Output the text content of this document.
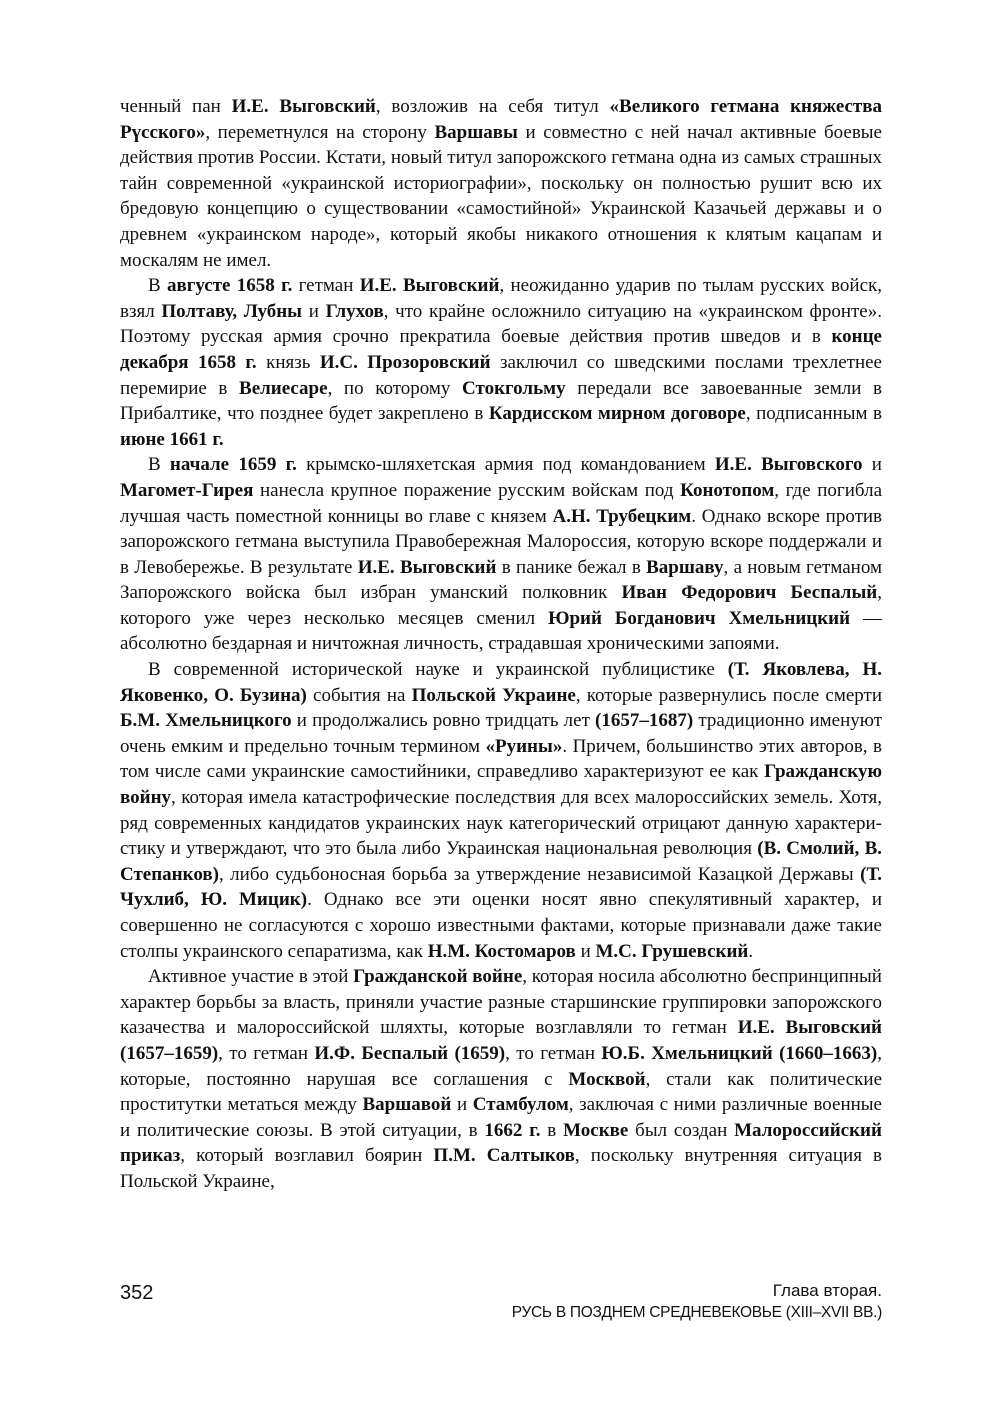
ченный пан И.Е. Выговский, возложив на себя титул «Великого гетмана княжества Рүсского», переметнулся на сторону Варшавы и совместно с ней начал активные боевые действия против России. Кстати, новый титул запорожского гетмана одна из самых страшных тайн современной «украинской историографии», поскольку он полностью рушит всю их бредовую концепцию о существовании «самостийной» Украинской Казачьей державы и о древнем «украинском народе», который якобы никакого отношения к клятым кацапам и москалям не имел.

В августе 1658 г. гетман И.Е. Выговский, неожиданно ударив по тылам русских войск, взял Полтаву, Лубны и Глухов, что крайне осложнило ситуацию на «украинском фронте». Поэтому русская армия срочно прекратила боевые действия против шведов и в конце декабря 1658 г. князь И.С. Прозоровский заключил со шведскими послами трехлетнее перемирие в Велиесаре, по которому Стокгольму передали все завоеванные земли в Прибалтике, что позднее будет закреплено в Кардисском мирном договоре, подписанным в июне 1661 г.

В начале 1659 г. крымско-шляхетская армия под командованием И.Е. Выговского и Магомет-Гирея нанесла крупное поражение русским войскам под Конотопом, где погибла лучшая часть поместной конницы во главе с князем А.Н. Трубецким. Однако вскоре против запорожского гетмана выступила Правобережная Малороссия, которую вскоре поддержали и в Левобережье. В результате И.Е. Выговский в панике бежал в Варшаву, а новым гетманом Запорожского войска был избран уманский полковник Иван Федорович Беспалый, которого уже через несколько месяцев сменил Юрий Богданович Хмельницкий — абсолютно бездарная и ничтожная личность, страдавшая хроническими запоями.

В современной исторической науке и украинской публицистике (Т. Яковлева, Н. Яковенко, О. Бузина) события на Польской Украине, которые развернулись после смерти Б.М. Хмельницкого и продолжались ровно тридцать лет (1657–1687) традиционно именуют очень емким и предельно точным термином «Руины». Причем, большинство этих авторов, в том числе сами украинские самостийники, справедливо характеризуют ее как Гражданскую войну, которая имела катастрофические последствия для всех малороссийских земель. Хотя, ряд современных кандидатов украинских наук категорический отрицают данную характеристику и утверждают, что это была либо Украинская национальная революция (В. Смолий, В. Степанков), либо судьбоносная борьба за утверждение независимой Казацкой Державы (Т. Чухлиб, Ю. Мицик). Однако все эти оценки носят явно спекулятивный характер, и совершенно не согласуются с хорошо известными фактами, которые признавали даже такие столпы украинского сепаратизма, как Н.М. Костомаров и М.С. Грушевский.

Активное участие в этой Гражданской войне, которая носила абсолютно беспринципный характер борьбы за власть, приняли участие разные старшинские группировки запорожского казачества и малороссийской шляхты, которые возглавляли то гетман И.Е. Выговский (1657–1659), то гетман И.Ф. Беспалый (1659), то гетман Ю.Б. Хмельницкий (1660–1663), которые, постоянно нарушая все соглашения с Москвой, стали как политические проститутки метаться между Варшавой и Стамбулом, заключая с ними различные военные и политические союзы. В этой ситуации, в 1662 г. в Москве был создан Малороссийский приказ, который возглавил боярин П.М. Салтыков, поскольку внутренняя ситуация в Польской Украине,

352	Глава вторая.
РУСЬ В ПОЗДНЕМ СРЕДНЕВЕКОВЬЕ (XIII–XVII ВВ.)
